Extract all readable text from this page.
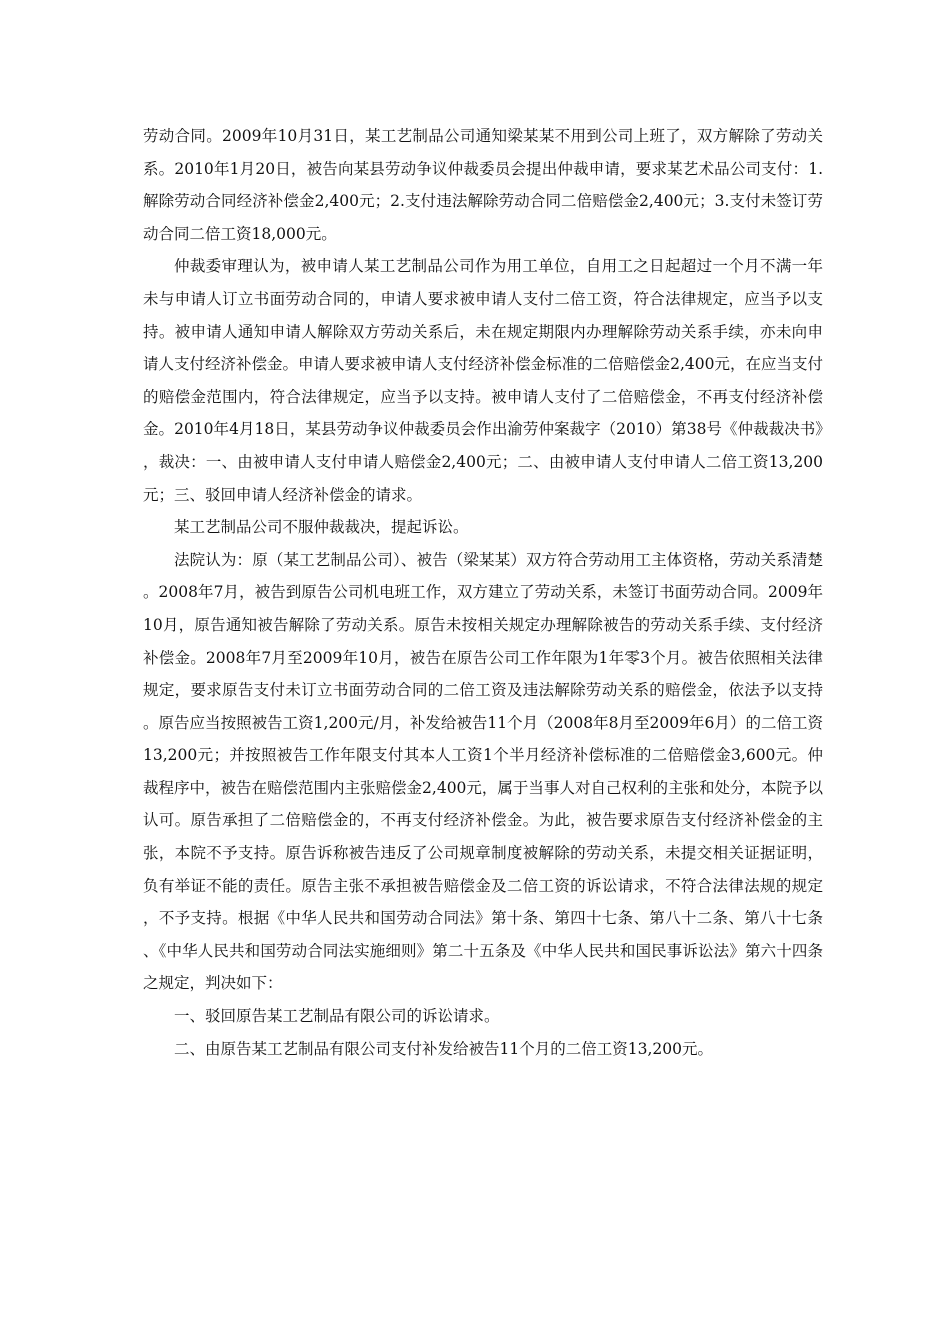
劳动合同。2009年10月31日，某工艺制品公司通知梁某某不用到公司上班了，双方解除了劳动关系。2010年1月20日，被告向某县劳动争议仲裁委员会提出仲裁申请，要求某艺术品公司支付：1.解除劳动合同经济补偿金2,400元；2.支付违法解除劳动合同二倍赔偿金2,400元；3.支付未签订劳动合同二倍工资18,000元。

仲裁委审理认为，被申请人某工艺制品公司作为用工单位，自用工之日起超过一个月不满一年未与申请人订立书面劳动合同的，申请人要求被申请人支付二倍工资，符合法律规定，应当予以支持。被申请人通知申请人解除双方劳动关系后，未在规定期限内办理解除劳动关系手续，亦未向申请人支付经济补偿金。申请人要求被申请人支付经济补偿金标准的二倍赔偿金2,400元，在应当支付的赔偿金范围内，符合法律规定，应当予以支持。被申请人支付了二倍赔偿金，不再支付经济补偿金。2010年4月18日，某县劳动争议仲裁委员会作出渝劳仲案裁字（2010）第38号《仲裁裁决书》，裁决：一、由被申请人支付申请人赔偿金2,400元；二、由被申请人支付申请人二倍工资13,200元；三、驳回申请人经济补偿金的请求。

某工艺制品公司不服仲裁裁决，提起诉讼。

法院认为：原（某工艺制品公司）、被告（梁某某）双方符合劳动用工主体资格，劳动关系清楚。2008年7月，被告到原告公司机电班工作，双方建立了劳动关系，未签订书面劳动合同。2009年10月，原告通知被告解除了劳动关系。原告未按相关规定办理解除被告的劳动关系手续、支付经济补偿金。2008年7月至2009年10月，被告在原告公司工作年限为1年零3个月。被告依照相关法律规定，要求原告支付未订立书面劳动合同的二倍工资及违法解除劳动关系的赔偿金，依法予以支持。原告应当按照被告工资1,200元/月，补发给被告11个月（2008年8月至2009年6月）的二倍工资13,200元；并按照被告工作年限支付其本人工资1个半月经济补偿标准的二倍赔偿金3,600元。仲裁程序中，被告在赔偿范围内主张赔偿金2,400元，属于当事人对自己权利的主张和处分，本院予以认可。原告承担了二倍赔偿金的，不再支付经济补偿金。为此，被告要求原告支付经济补偿金的主张，本院不予支持。原告诉称被告违反了公司规章制度被解除的劳动关系，未提交相关证据证明，负有举证不能的责任。原告主张不承担被告赔偿金及二倍工资的诉讼请求，不符合法律法规的规定，不予支持。根据《中华人民共和国劳动合同法》第十条、第四十七条、第八十二条、第八十七条、《中华人民共和国劳动合同法实施细则》第二十五条及《中华人民共和国民事诉讼法》第六十四条之规定，判决如下：

一、驳回原告某工艺制品有限公司的诉讼请求。

二、由原告某工艺制品有限公司支付补发给被告11个月的二倍工资13,200元。
